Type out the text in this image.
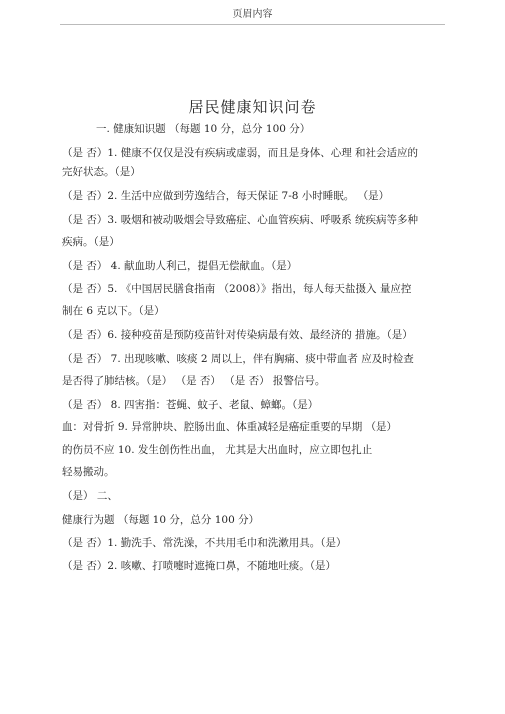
页眉内容
居民健康知识问卷
一. 健康知识题 （每题 10 分，总分 100 分）
（是 否）1. 健康不仅仅是没有疾病或虚弱，而且是身体、心理 和社会适应的
完好状态。（是）
（是 否）2. 生活中应做到劳逸结合，每天保证 7-8 小时睡眠。 （是）
（是 否）3. 吸烟和被动吸烟会导致癌症、心血管疾病、呼吸系 统疾病等多种
疾病。（是）
（是 否） 4. 献血助人利己，提倡无偿献血。（是）
（是 否）5. 《中国居民膳食指南 （2008）》指出，每人每天盐摄入 量应控
制在 6 克以下。（是）
（是 否）6. 接种疫苗是预防疫苗针对传染病最有效、最经济的 措施。（是）
（是 否） 7. 出现咳嗽、咳痰 2 周以上，伴有胸痛、痰中带血者 应及时检查
是否得了肺结核。（是） （是 否） （是 否） 报警信号。
（是 否） 8. 四害指：苍蝇、蚊子、老鼠、蟑螂。（是）
血：对骨折 9. 异常肿块、腔肠出血、体重减轻是癌症重要的早期 （是）
的伤员不应 10. 发生创伤性出血， 尤其是大出血时，应立即包扎止
轻易搬动。
（是） 二、
健康行为题 （每题 10 分，总分 100 分）
（是 否）1. 勤洗手、常洗澡，不共用毛巾和洗漱用具。（是）
（是 否）2. 咳嗽、打喷嚏时遮掩口鼻，不随地吐痰。（是）
